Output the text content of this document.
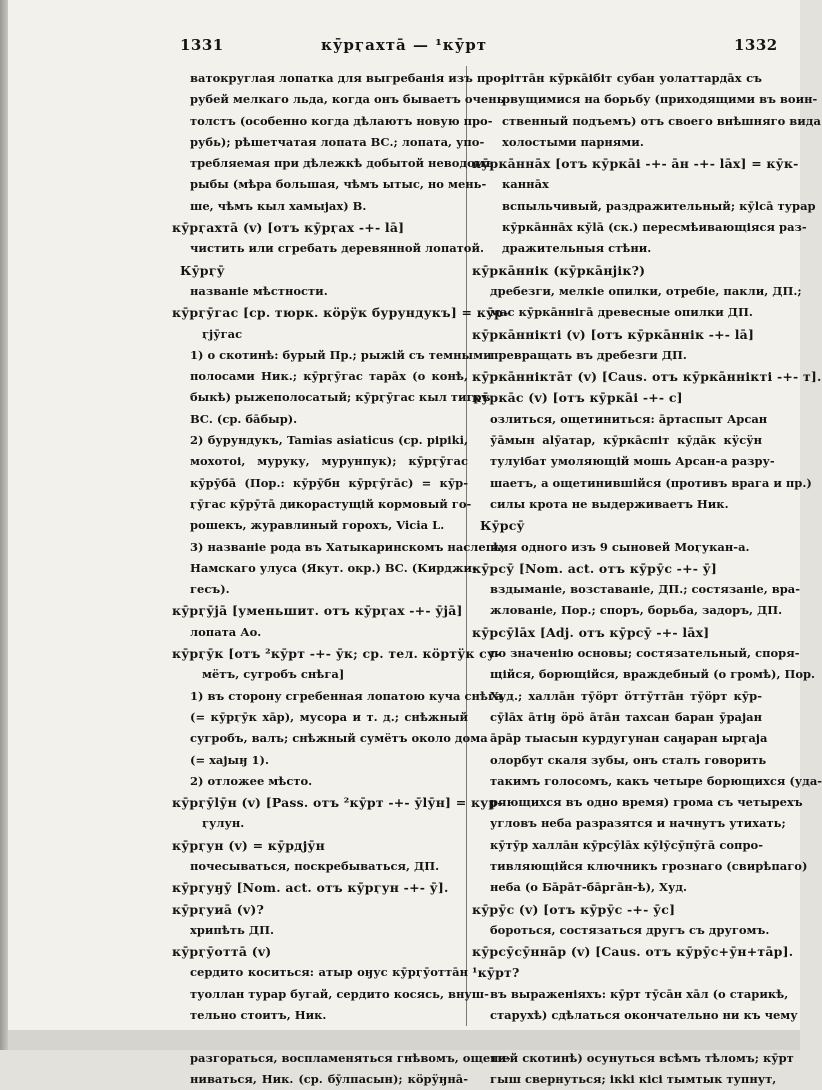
1331	кӯрӷахтā — ¹кӯрт	1332
ватокруглая лопатка для выгребанія изъ про-
рубей мелкаго льда, когда онъ бываетъ очень
толстъ (особенно когда дѣлаютъ новую про-
рубь); рѣшетчатая лопата ВС.; лопата, упо-
требляемая при дѣлежкѣ добытой неводомъ
рыбы (мѣра большая, чѣмъ ытыс, но мень-
ше, чѣмъ кыл хамыјах) В.
кӯрӷахтā (v) [отъ кӯрӷах -+- lā]
чистить или сгребать деревянной лопатой.
Кӯрӷӯ
названіе мѣстности.
кӯрӷӯгас [ср. тюрк. кӧрӱк бурундукъ] = кӯр-
ӷjӯгас
1) о скотинѣ: бурый Пр.; рыжій съ темными
полосами Ник.; кӯрӷӯгас тарāх (о конѣ,
быкѣ) рыжеполосатый; кӯрӷӯгас кыл тигръ
ВС. (ср. бāбыр).
2) бурундукъ, Tamias asiaticus (ср. ріріki,
мохотоі, муруку, мурунпук); кӯрӷӯгас
кӯрӯбā (Пор.: кӯрӯбн кӯрӷӯгāс) = кӯр-
ӷӯгас кӯрӯтā дикорастущій кормовый го-
рошекъ, журавлиный горохъ, Vicia L.
3) названіе рода въ Хатыкаринскомъ наслегѣ,
Намскаго улуса (Якут. окр.) ВС. (Кирджи-
гесъ).
кӯрӷӯjā [уменьшит. отъ кӯрӷах -+- ӯjā]
лопата Ао.
кӯрӷӯк [отъ ²кӯрт -+- ӯк; ср. тел. кӧртӱк су-
мётъ, сугробъ снѣга]
1) въ сторону сгребенная лопатою куча снѣга
(= кӯрӷӯк хāр), мусора и т. д.; снѣжный
сугробъ, валъ; снѣжный сумётъ около дома
(= хајыӈ 1).
2) отложее мѣсто.
кӯрӷӯlӯн (v) [Pass. отъ ²кӯрт -+- ӯlӯн] = кур-
ӷулун.
кӯрӷун (v) = кӯрдјӯн
почесываться, поскребываться, ДП.
кӯрӷуӈӯ [Nom. act. отъ кӯрӷун -+- ӯ].
кӯрӷуиā (v)?
хрипѣть ДП.
кӯрӷӯоттā (v)
сердито коситься: атыр оӈус кӯрӷӯоттāн
туоллан турар бугай, сердито косясь, внуш-
тельно стоитъ, Ник.
разгораться, воспламеняться гнѣвомъ, ощети-
ниваться, Ник. (ср. бȳлпасын); кӧрӱӈнā-
ріттāн кӯркāібіт субан уолаттардāх съ
рвущимися на борьбу (приходящими въ воин-
ственный подъемъ) отъ своего внѣшняго вида
холостыми парнями.
кӯркāннāх [отъ кӯркāі -+- āн -+- lāх] = кӯк-
каннāх
вспыльчивый, раздражительный; кӯlсā турар
кӯркāннāх кӯlā (ск.) пересмѣивающіяся раз-
дражительныя стѣни.
кӯркāннік (кӯркāнjік?)
дребезги, мелкіе опилки, отребіе, пакли, ДП.;
мас кӯркāннігā древесные опилки ДП.
кӯркāннікті (v) [отъ кӯркāннік -+- lā]
превращать въ дребезги ДП.
кӯркāнніктāт (v) [Caus. отъ кӯркāннікті -+- т].
кӯркāс (v) [отъ кӯркāі -+- с]
озлиться, ощетиниться: āртаспыт Арсан
ӯāмын аlӯатар, кӯркāспіт кӯдāк кӱсӱн
тулуібат умоляющій мошь Арсан-а разру-
шаетъ, а ощетинившійся (противъ врага и пр.)
силы крота не выдерживаетъ Ник.
Кӯрсӯ
имя одного изъ 9 сыновей Моӷукан-а.
кӯрсӯ [Nom. act. отъ кӯрӯс -+- ӯ]
вздыманіе, возставаніе, ДП.; состязаніе, вра-
жлованіе, Пор.; споръ, борьба, задоръ, ДП.
кӯрсӯlāх [Adj. отъ кӯрсӯ -+- lāх]
по значенію основы; состязательный, споря-
щійся, борющійся, враждебный (о громѣ), Пор.
Худ.; халлāн тӯӧрт ӧттӯттāн тӯӧрт кӯр-
сӯlāх āтіӈ ӧрӧ āтāн тахсан баран ӯрајан
āрāр тыасын курдугунан саӈаран ырӷаја
олорбут скаля зубы, онъ сталъ говорить
такимъ голосомъ, какъ четыре борющихся (уда-
ряющихся въ одно время) грома съ четырехъ
угловъ неба разразятся и начнутъ утихать;
кӯтӯр халлāн кӯрсӯlāх кӯlӯсӯпӯгā сопро-
тивляющійся ключникъ грознаго (свирѣпаго)
неба (о Бāрāт-бāргāн-ѣ), Худ.
кӯрӯс (v) [отъ кӯрӯс -+- ӯс]
бороться, состязаться другъ съ другомъ.
кӯрсӯсӯннāр (v) [Caus. отъ кӯрӯс+ӯн+тāр].
¹кӯрт?
въ выраженіяхъ: кӯрт тӯсāн хāл (о старикѣ,
старухѣ) сдѣлаться окончательно ни къ чему
шей скотинѣ) осунуться всѣмъ тѣломъ; кӯрт
гыш свернуться; ікkі кісі тымтык тупнут,
